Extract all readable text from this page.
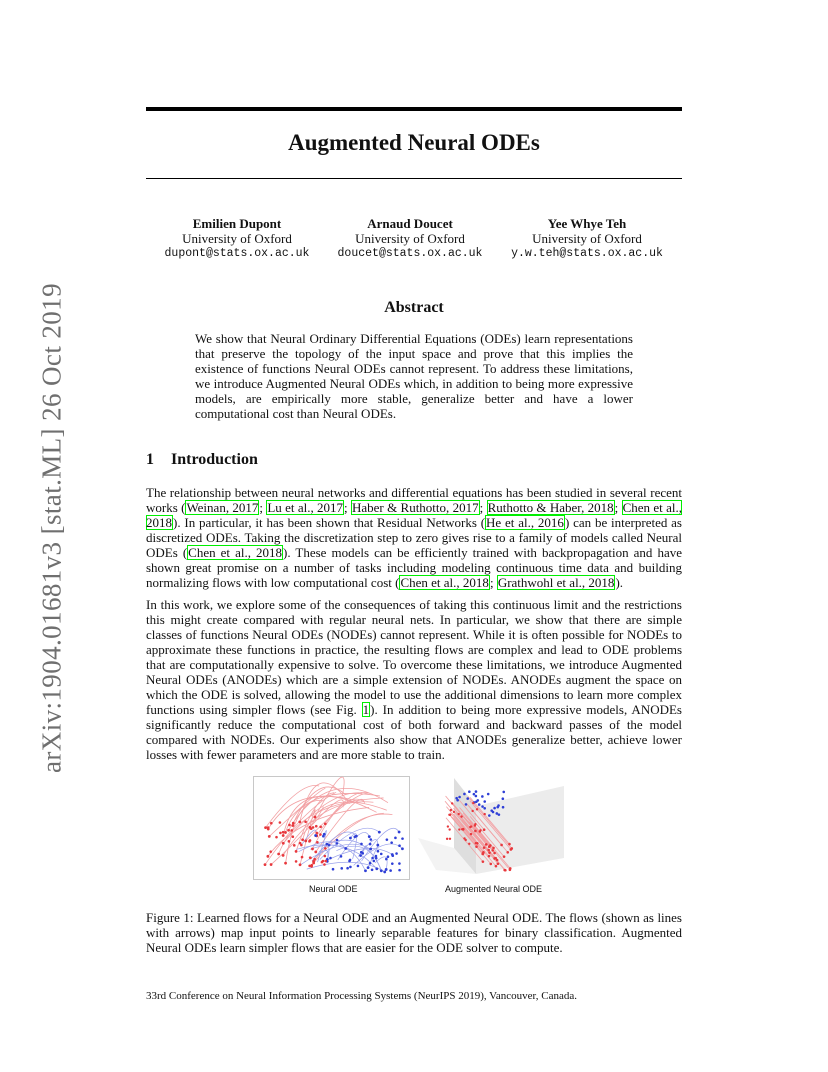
arXiv:1904.01681v3 [stat.ML] 26 Oct 2019
Augmented Neural ODEs
Emilien Dupont
University of Oxford
dupont@stats.ox.ac.uk
Arnaud Doucet
University of Oxford
doucet@stats.ox.ac.uk
Yee Whye Teh
University of Oxford
y.w.teh@stats.ox.ac.uk
Abstract
We show that Neural Ordinary Differential Equations (ODEs) learn representations that preserve the topology of the input space and prove that this implies the existence of functions Neural ODEs cannot represent. To address these limitations, we introduce Augmented Neural ODEs which, in addition to being more expressive models, are empirically more stable, generalize better and have a lower computational cost than Neural ODEs.
1 Introduction
The relationship between neural networks and differential equations has been studied in several recent works (Weinan, 2017; Lu et al., 2017; Haber & Ruthotto, 2017; Ruthotto & Haber, 2018; Chen et al., 2018). In particular, it has been shown that Residual Networks (He et al., 2016) can be interpreted as discretized ODEs. Taking the discretization step to zero gives rise to a family of models called Neural ODEs (Chen et al., 2018). These models can be efficiently trained with backpropagation and have shown great promise on a number of tasks including modeling continuous time data and building normalizing flows with low computational cost (Chen et al., 2018; Grathwohl et al., 2018).
In this work, we explore some of the consequences of taking this continuous limit and the restrictions this might create compared with regular neural nets. In particular, we show that there are simple classes of functions Neural ODEs (NODEs) cannot represent. While it is often possible for NODEs to approximate these functions in practice, the resulting flows are complex and lead to ODE problems that are computationally expensive to solve. To overcome these limitations, we introduce Augmented Neural ODEs (ANODEs) which are a simple extension of NODEs. ANODEs augment the space on which the ODE is solved, allowing the model to use the additional dimensions to learn more complex functions using simpler flows (see Fig. 1). In addition to being more expressive models, ANODEs significantly reduce the computational cost of both forward and backward passes of the model compared with NODEs. Our experiments also show that ANODEs generalize better, achieve lower losses with fewer parameters and are more stable to train.
Neural ODE	Augmented Neural ODE
Figure 1: Learned flows for a Neural ODE and an Augmented Neural ODE. The flows (shown as lines with arrows) map input points to linearly separable features for binary classification. Augmented Neural ODEs learn simpler flows that are easier for the ODE solver to compute.
33rd Conference on Neural Information Processing Systems (NeurIPS 2019), Vancouver, Canada.
